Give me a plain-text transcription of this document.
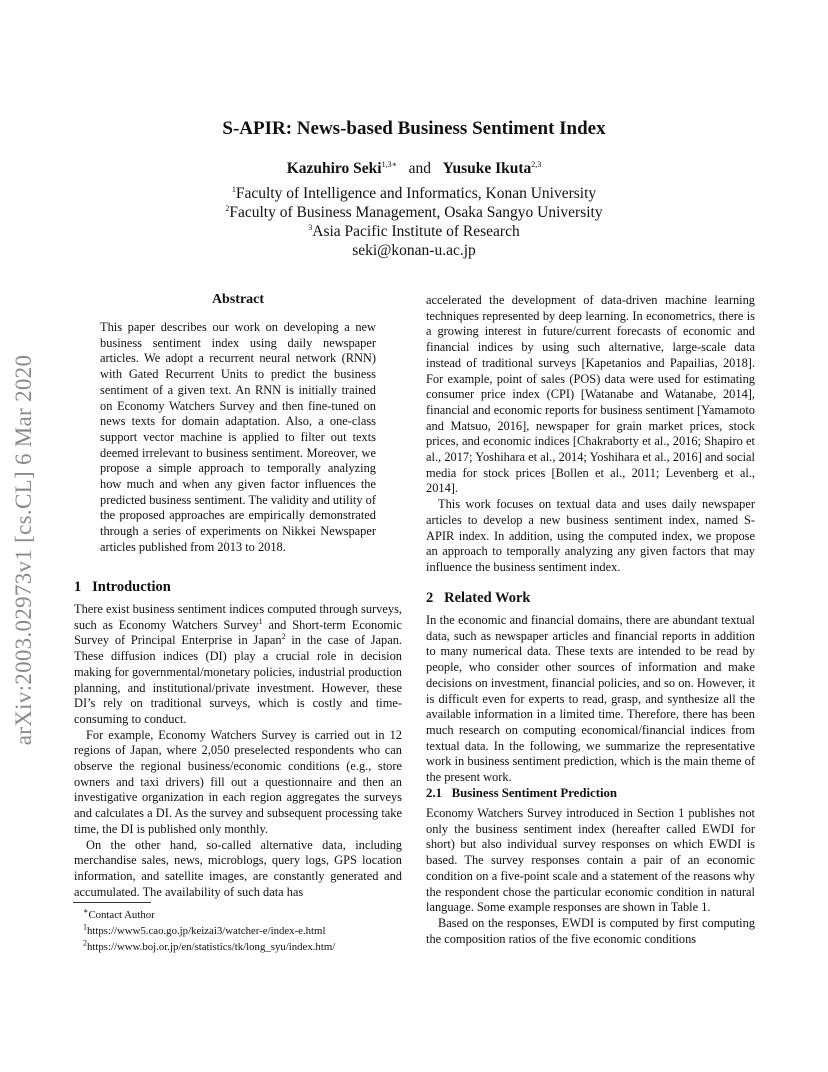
arXiv:2003.02973v1 [cs.CL] 6 Mar 2020
S-APIR: News-based Business Sentiment Index
Kazuhiro Seki$^{1,3∗}$ and Yusuke Ikuta$^{2,3}$
$^1$Faculty of Intelligence and Informatics, Konan University
$^2$Faculty of Business Management, Osaka Sangyo University
$^3$Asia Pacific Institute of Research
seki@konan-u.ac.jp
Abstract

This paper describes our work on developing a new business sentiment index using daily newspaper articles. We adopt a recurrent neural network (RNN) with Gated Recurrent Units to predict the business sentiment of a given text. An RNN is initially trained on Economy Watchers Survey and then fine-tuned on news texts for domain adaptation. Also, a one-class support vector machine is applied to filter out texts deemed irrelevant to business sentiment. Moreover, we propose a simple approach to temporally analyzing how much and when any given factor influences the predicted business sentiment. The validity and utility of the proposed approaches are empirically demonstrated through a series of experiments on Nikkei Newspaper articles published from 2013 to 2018.

1 Introduction

There exist business sentiment indices computed through surveys, such as Economy Watchers Survey$^1$ and Short-term Economic Survey of Principal Enterprise in Japan$^2$ in the case of Japan. These diffusion indices (DI) play a crucial role in decision making for governmental/monetary policies, industrial production planning, and institutional/private investment. However, these DI’s rely on traditional surveys, which is costly and time-consuming to conduct.

For example, Economy Watchers Survey is carried out in 12 regions of Japan, where 2,050 preselected respondents who can observe the regional business/economic conditions (e.g., store owners and taxi drivers) fill out a questionnaire and then an investigative organization in each region aggregates the surveys and calculates a DI. As the survey and subsequent processing take time, the DI is published only monthly.

On the other hand, so-called alternative data, including merchandise sales, news, microblogs, query logs, GPS location information, and satellite images, are constantly generated and accumulated. The availability of such data has

∗Contact Author
$^1$https://www5.cao.go.jp/keizai3/watcher-e/index-e.html
$^2$https://www.boj.or.jp/en/statistics/tk/long_syu/index.htm/

accelerated the development of data-driven machine learning techniques represented by deep learning. In econometrics, there is a growing interest in future/current forecasts of economic and financial indices by using such alternative, large-scale data instead of traditional surveys [Kapetanios and Papailias, 2018]. For example, point of sales (POS) data were used for estimating consumer price index (CPI) [Watanabe and Watanabe, 2014], financial and economic reports for business sentiment [Yamamoto and Matsuo, 2016], newspaper for grain market prices, stock prices, and economic indices [Chakraborty et al., 2016; Shapiro et al., 2017; Yoshihara et al., 2014; Yoshihara et al., 2016] and social media for stock prices [Bollen et al., 2011; Levenberg et al., 2014].

This work focuses on textual data and uses daily newspaper articles to develop a new business sentiment index, named S-APIR index. In addition, using the computed index, we propose an approach to temporally analyzing any given factors that may influence the business sentiment index.

2 Related Work

In the economic and financial domains, there are abundant textual data, such as newspaper articles and financial reports in addition to many numerical data. These texts are intended to be read by people, who consider other sources of information and make decisions on investment, financial policies, and so on. However, it is difficult even for experts to read, grasp, and synthesize all the available information in a limited time. Therefore, there has been much research on computing economical/financial indices from textual data. In the following, we summarize the representative work in business sentiment prediction, which is the main theme of the present work.

2.1 Business Sentiment Prediction

Economy Watchers Survey introduced in Section 1 publishes not only the business sentiment index (hereafter called EWDI for short) but also individual survey responses on which EWDI is based. The survey responses contain a pair of an economic condition on a five-point scale and a statement of the reasons why the respondent chose the particular economic condition in natural language. Some example responses are shown in Table 1.

Based on the responses, EWDI is computed by first computing the composition ratios of the five economic conditions
